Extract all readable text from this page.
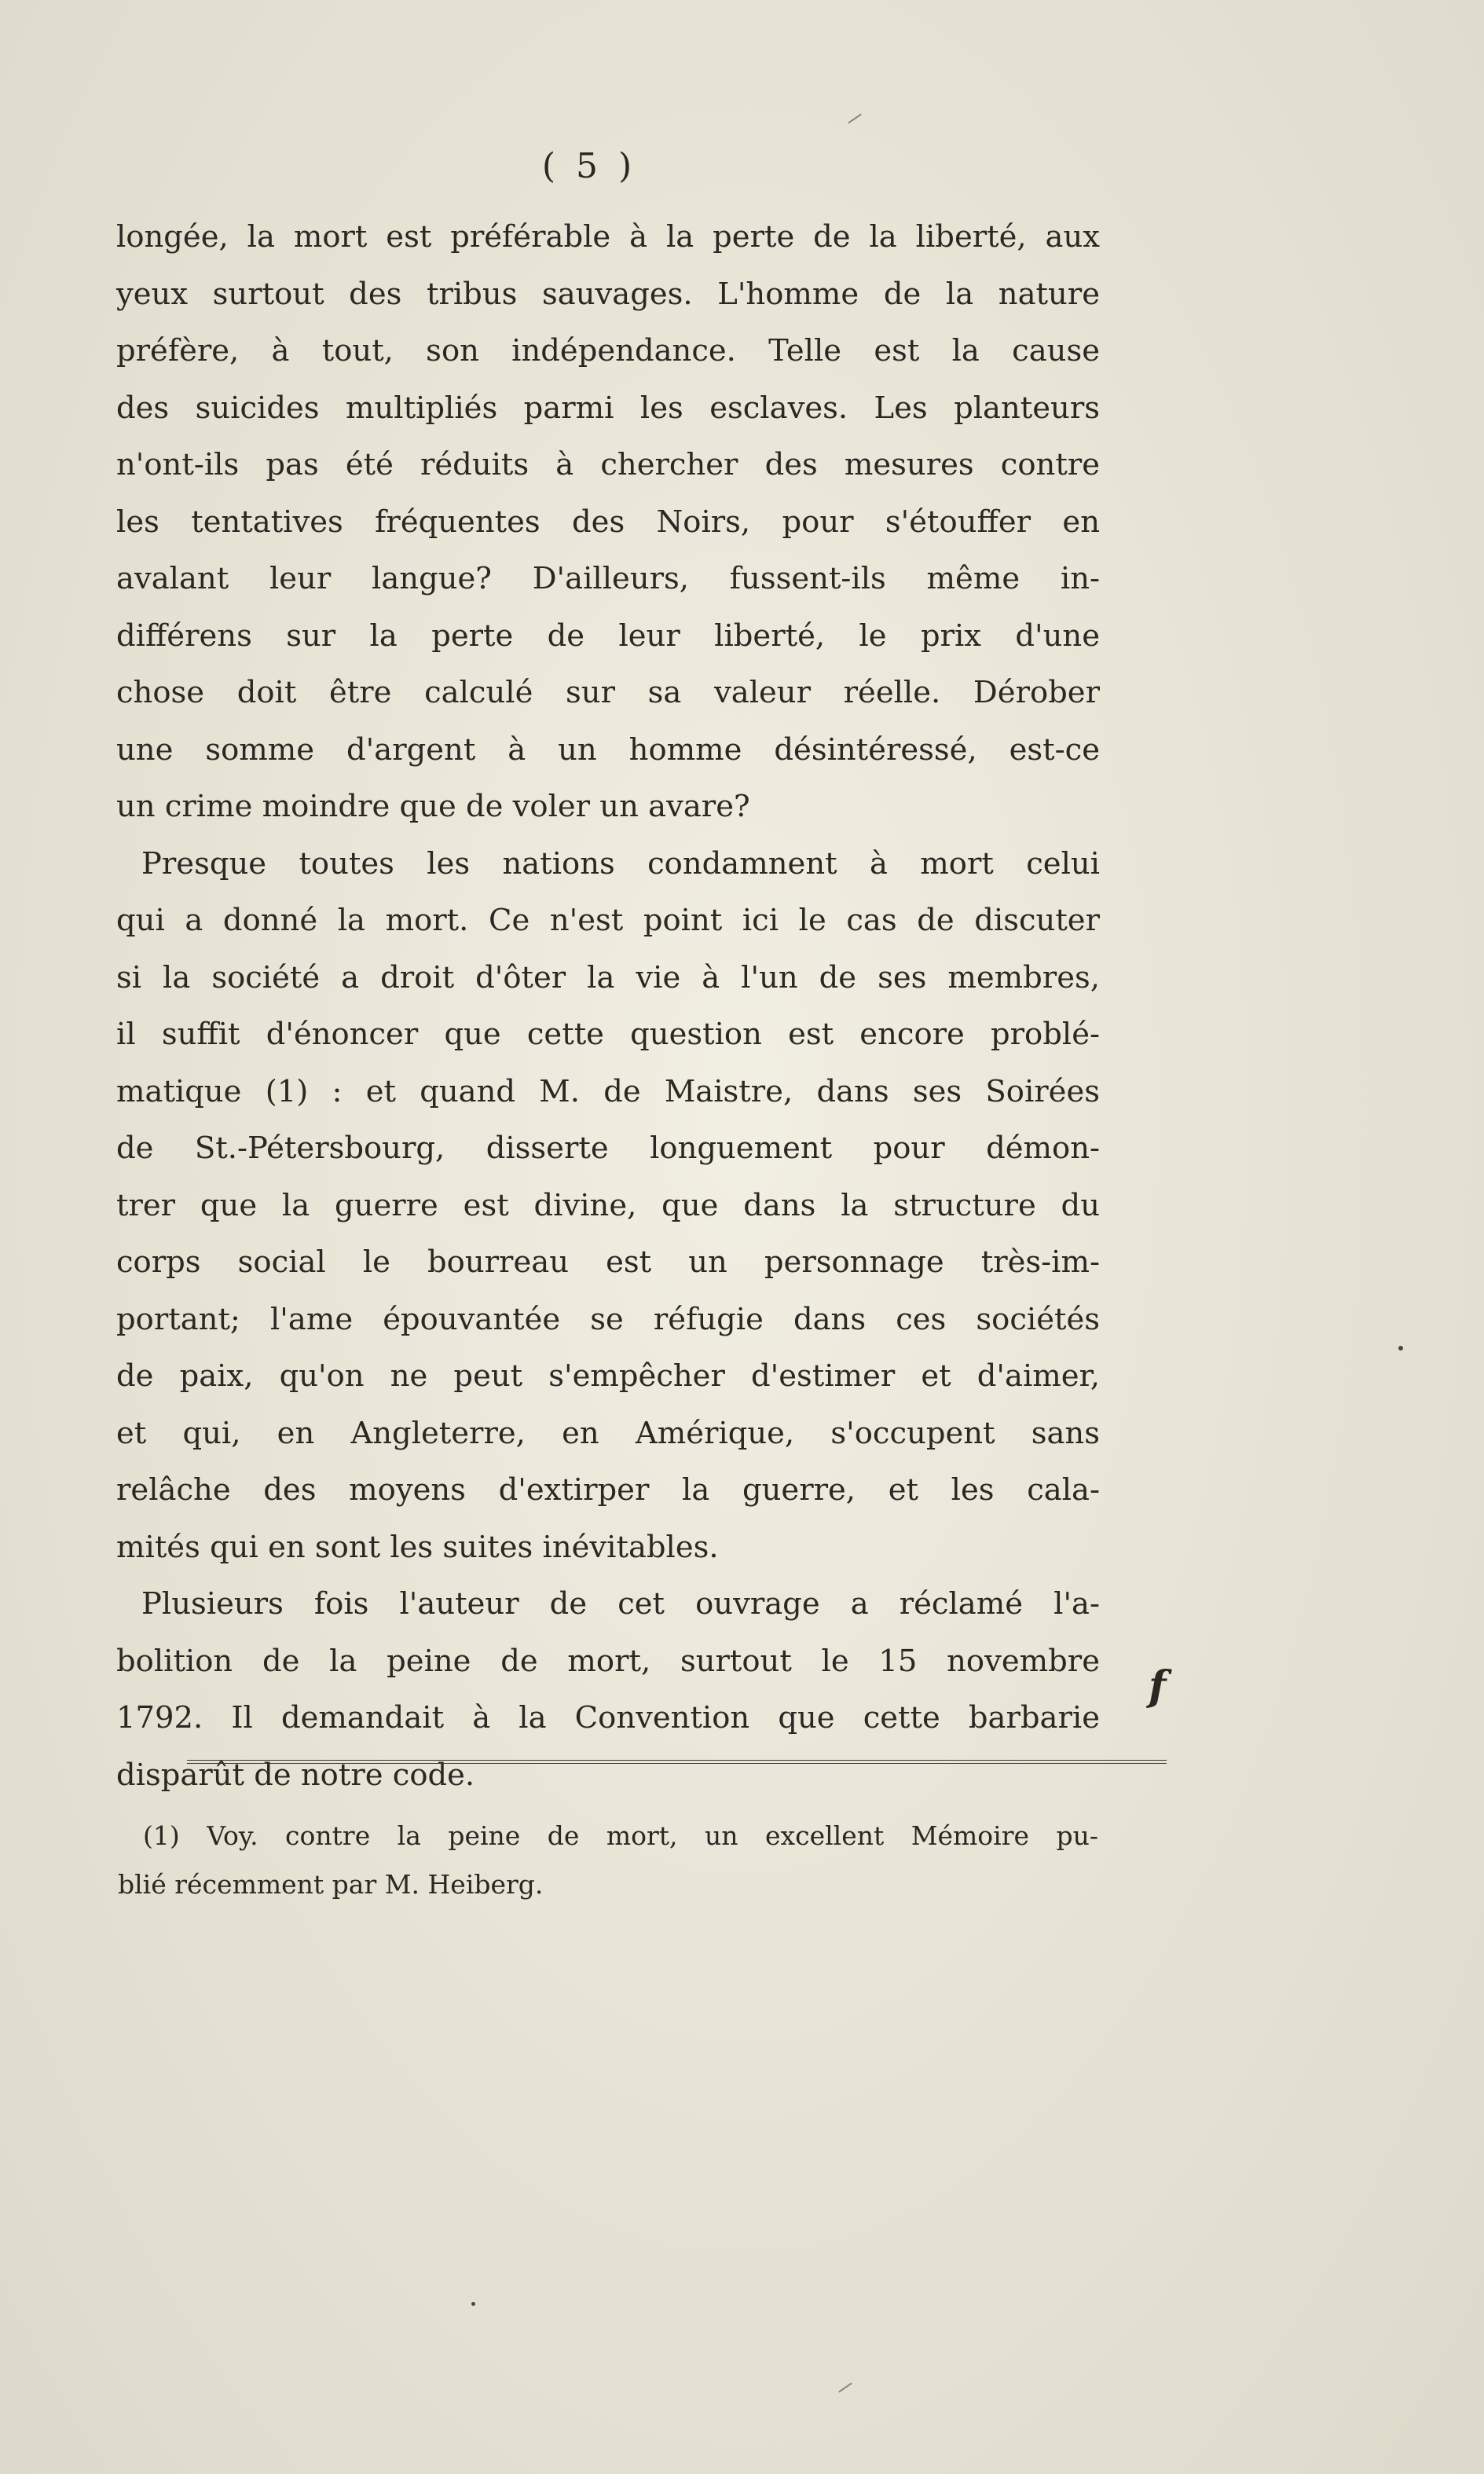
( 5 )
longée, la mort est préférable à la perte de la liberté, aux
yeux surtout des tribus sauvages. L'homme de la nature
préfère, à tout, son indépendance. Telle est la cause
des suicides multipliés parmi les esclaves. Les planteurs
n'ont-ils pas été réduits à chercher des mesures contre
les tentatives fréquentes des Noirs, pour s'étouffer en
avalant leur langue? D'ailleurs, fussent-ils même in-
différens sur la perte de leur liberté, le prix d'une
chose doit être calculé sur sa valeur réelle. Dérober
une somme d'argent à un homme désintéressé, est-ce
un crime moindre que de voler un avare?
Presque toutes les nations condamnent à mort celui
qui a donné la mort. Ce n'est point ici le cas de discuter
si la société a droit d'ôter la vie à l'un de ses membres,
il suffit d'énoncer que cette question est encore problé-
matique (1) : et quand M. de Maistre, dans ses Soirées
de St.-Pétersbourg, disserte longuement pour démon-
trer que la guerre est divine, que dans la structure du
corps social le bourreau est un personnage très-im-
portant; l'ame épouvantée se réfugie dans ces sociétés
de paix, qu'on ne peut s'empêcher d'estimer et d'aimer,
et qui, en Angleterre, en Amérique, s'occupent sans
relâche des moyens d'extirper la guerre, et les cala-
mités qui en sont les suites inévitables.
Plusieurs fois l'auteur de cet ouvrage a réclamé l'a-
bolition de la peine de mort, surtout le 15 novembre
1792. Il demandait à la Convention que cette barbarie
disparût de notre code.
f
(1) Voy. contre la peine de mort, un excellent Mémoire pu-
blié récemment par M. Heiberg.
